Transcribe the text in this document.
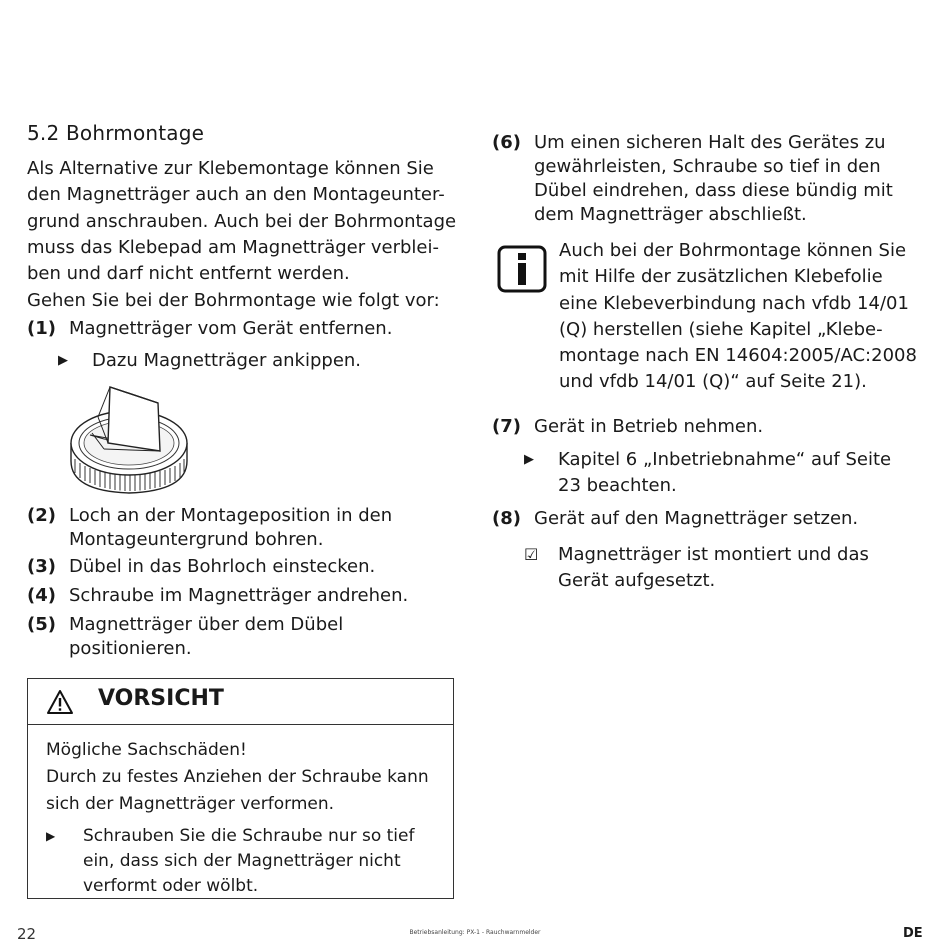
5.2 Bohrmontage
Als Alternative zur Klebemontage können Sie
den Magnetträger auch an den Montageunter-
grund anschrauben. Auch bei der Bohrmontage
muss das Klebepad am Magnetträger verblei-
ben und darf nicht entfernt werden.
Gehen Sie bei der Bohrmontage wie folgt vor:
(1) Magnetträger vom Gerät entfernen.
▶ Dazu Magnetträger ankippen.
(2) Loch an der Montageposition in den
Montageuntergrund bohren.
(3) Dübel in das Bohrloch einstecken.
(4) Schraube im Magnetträger andrehen.
(5) Magnetträger über dem Dübel
positionieren.
VORSICHT
Mögliche Sachschäden!
Durch zu festes Anziehen der Schraube kann
sich der Magnetträger verformen.
▶ Schrauben Sie die Schraube nur so tief
ein, dass sich der Magnetträger nicht
verformt oder wölbt.
(6) Um einen sicheren Halt des Gerätes zu
gewährleisten, Schraube so tief in den
Dübel eindrehen, dass diese bündig mit
dem Magnetträger abschließt.
Auch bei der Bohrmontage können Sie
mit Hilfe der zusätzlichen Klebefolie
eine Klebeverbindung nach vfdb 14/01
(Q) herstellen (siehe Kapitel „Klebe-
montage nach EN 14604:2005/AC:2008
und vfdb 14/01 (Q)“ auf Seite 21).
(7) Gerät in Betrieb nehmen.
▶ Kapitel 6 „Inbetriebnahme“ auf Seite
23 beachten.
(8) Gerät auf den Magnetträger setzen.
☑ Magnetträger ist montiert und das
Gerät aufgesetzt.
22	Betriebsanleitung: PX-1 - Rauchwarnmelder	DE
